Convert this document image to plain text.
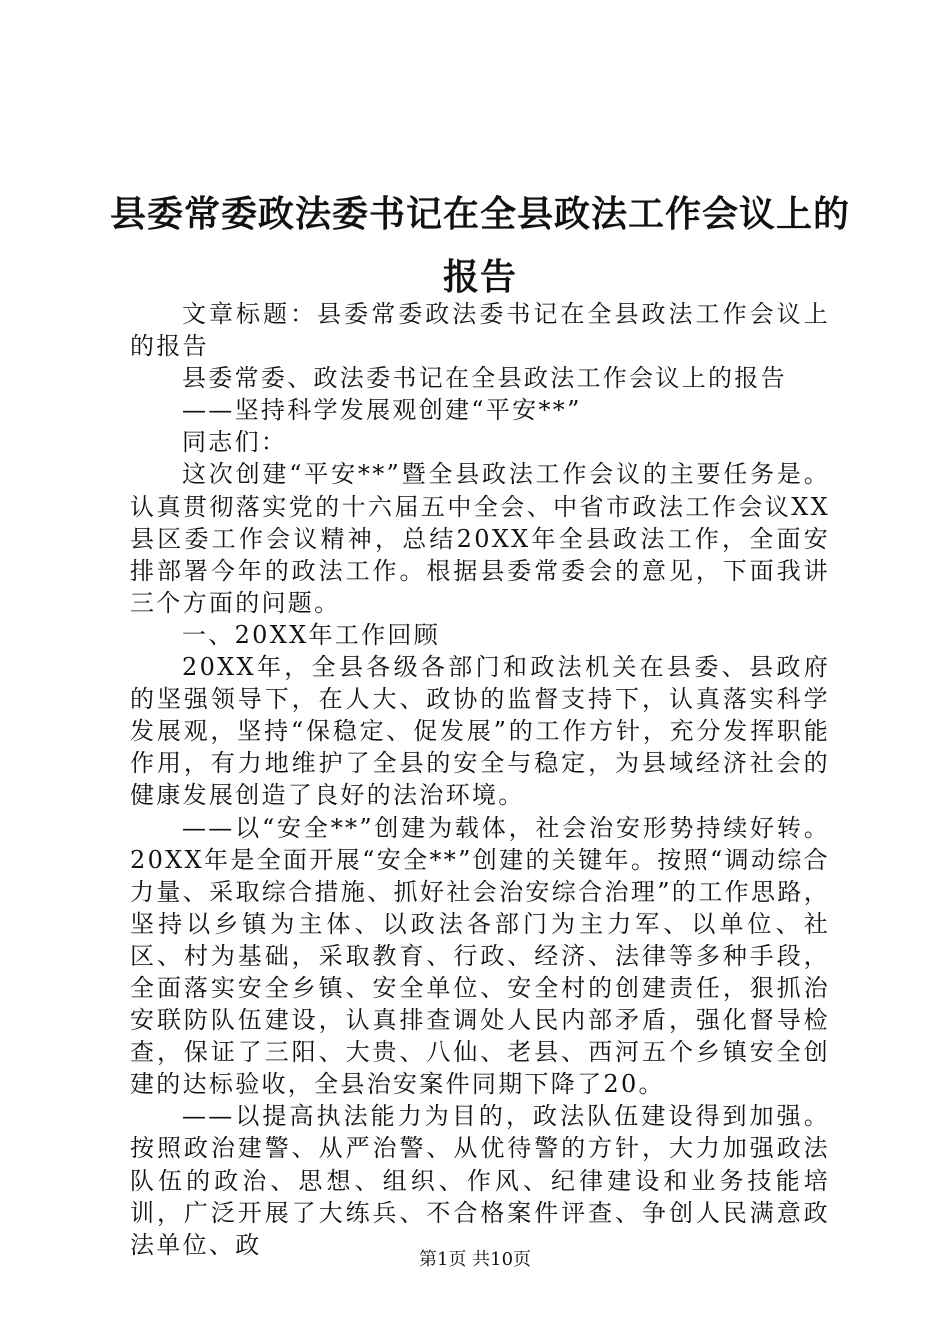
县委常委政法委书记在全县政法工作会议上的
报告

文章标题：县委常委政法委书记在全县政法工作会议上的报告

县委常委、政法委书记在全县政法工作会议上的报告

——坚持科学发展观创建“平安**”

同志们：

这次创建“平安**”暨全县政法工作会议的主要任务是。认真贯彻落实党的十六届五中全会、中省市政法工作会议XX县区委工作会议精神，总结20XX年全县政法工作，全面安排部署今年的政法工作。根据县委常委会的意见，下面我讲三个方面的问题。

一、20XX年工作回顾

20XX年，全县各级各部门和政法机关在县委、县政府的坚强领导下，在人大、政协的监督支持下，认真落实科学发展观，坚持“保稳定、促发展”的工作方针，充分发挥职能作用，有力地维护了全县的安全与稳定，为县域经济社会的健康发展创造了良好的法治环境。

——以“安全**”创建为载体，社会治安形势持续好转。20XX年是全面开展“安全**”创建的关键年。按照“调动综合力量、采取综合措施、抓好社会治安综合治理”的工作思路，坚持以乡镇为主体、以政法各部门为主力军、以单位、社区、村为基础，采取教育、行政、经济、法律等多种手段，全面落实安全乡镇、安全单位、安全村的创建责任，狠抓治安联防队伍建设，认真排查调处人民内部矛盾，强化督导检查，保证了三阳、大贵、八仙、老县、西河五个乡镇安全创建的达标验收，全县治安案件同期下降了20。

——以提高执法能力为目的，政法队伍建设得到加强。按照政治建警、从严治警、从优待警的方针，大力加强政法队伍的政治、思想、组织、作风、纪律建设和业务技能培训，广泛开展了大练兵、不合格案件评查、争创人民满意政法单位、政

第1页 共10页
